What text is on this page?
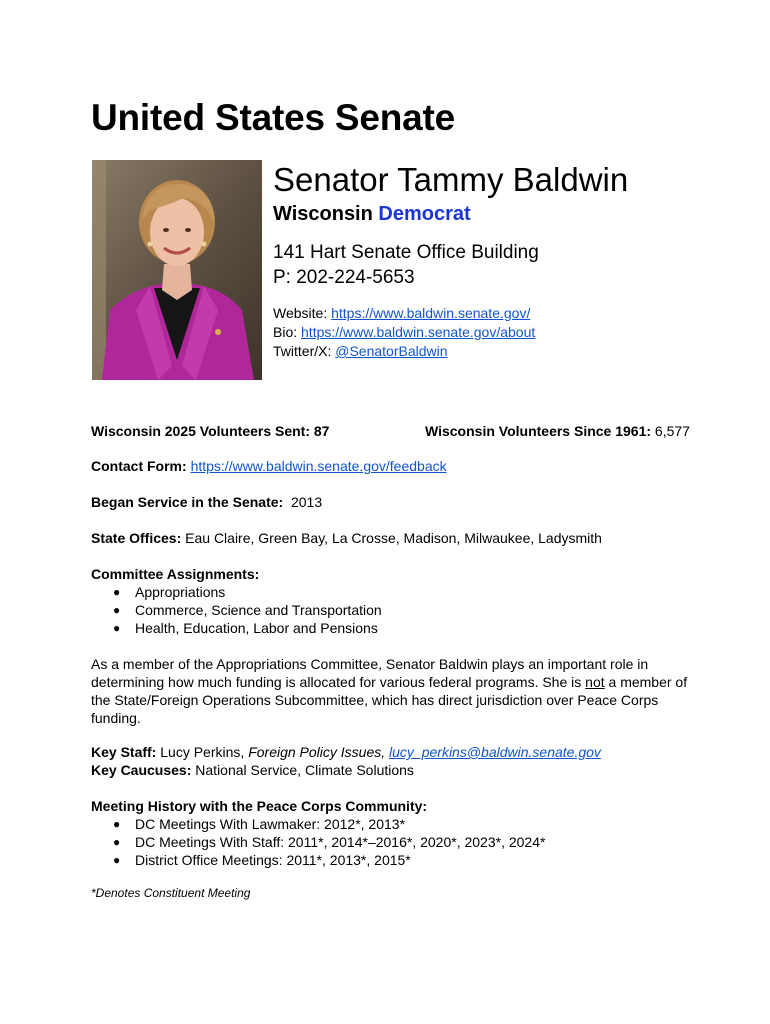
United States Senate
Senator Tammy Baldwin

Wisconsin Democrat

141 Hart Senate Office Building
P: 202-224-5653
Website: https://www.baldwin.senate.gov/
Bio: https://www.baldwin.senate.gov/about
Twitter/X: @SenatorBaldwin
Wisconsin 2025 Volunteers Sent: 87	Wisconsin Volunteers Since 1961: 6,577
Contact Form: https://www.baldwin.senate.gov/feedback
Began Service in the Senate: 2013
State Offices: Eau Claire, Green Bay, La Crosse, Madison, Milwaukee, Ladysmith
Committee Assignments:
● Appropriations
● Commerce, Science and Transportation
● Health, Education, Labor and Pensions
As a member of the Appropriations Committee, Senator Baldwin plays an important role in determining how much funding is allocated for various federal programs. She is not a member of the State/Foreign Operations Subcommittee, which has direct jurisdiction over Peace Corps funding.
Key Staff: Lucy Perkins, Foreign Policy Issues, lucy_perkins@baldwin.senate.gov
Key Caucuses: National Service, Climate Solutions
Meeting History with the Peace Corps Community:
● DC Meetings With Lawmaker: 2012*, 2013*
● DC Meetings With Staff: 2011*, 2014*–2016*, 2020*, 2023*, 2024*
● District Office Meetings: 2011*, 2013*, 2015*
*Denotes Constituent Meeting
